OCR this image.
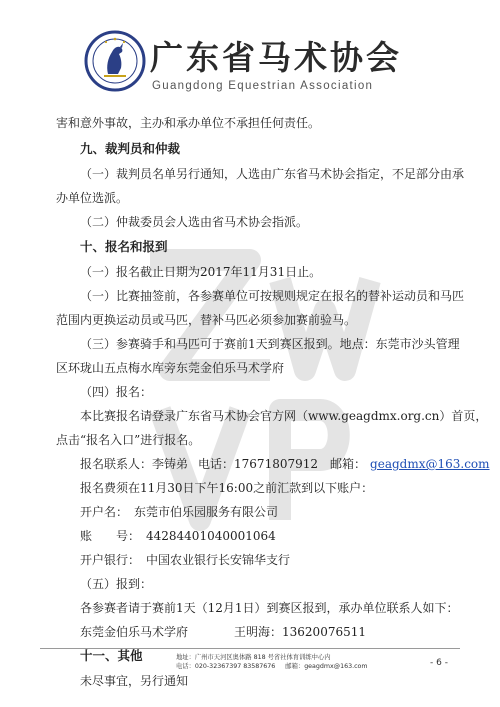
广东省马术协会
Guangdong Equestrian Association
害和意外事故，主办和承办单位不承担任何责任。
九、裁判员和仲裁
（一）裁判员名单另行通知，人选由广东省马术协会指定，不足部分由承
办单位选派。
（二）仲裁委员会人选由省马术协会指派。
十、报名和报到
（一）报名截止日期为2017年11月31日止。
（一）比赛抽签前，各参赛单位可按规则规定在报名的替补运动员和马匹
范围内更换运动员或马匹，替补马匹必须参加赛前验马。
（三）参赛骑手和马匹可于赛前1天到赛区报到。地点：东莞市沙头管理
区环珑山五点梅水库旁东莞金伯乐马术学府
（四）报名：
本比赛报名请登录广东省马术协会官方网（www.geagdmx.org.cn）首页，
点击“报名入口”进行报名。
报名联系人：李铸弟 电话：17671807912 邮箱： geagdmx@163.com
报名费须在11月30日下午16:00之前汇款到以下账户：
开户名：　东莞市伯乐园服务有限公司
账　　号：　44284401040001064
开户银行：　中国农业银行长安锦华支行
（五）报到：
各参赛者请于赛前1天（12月1日）到赛区报到，承办单位联系人如下：
东莞金伯乐马术学府	王明海：13620076511
十一、其他
未尽事宜，另行通知
地址：广州市天河区奥体路 818 号省社体育训练中心内
电话：020-32367397 83587676 邮箱：geagdmx@163.com	- 6 -
